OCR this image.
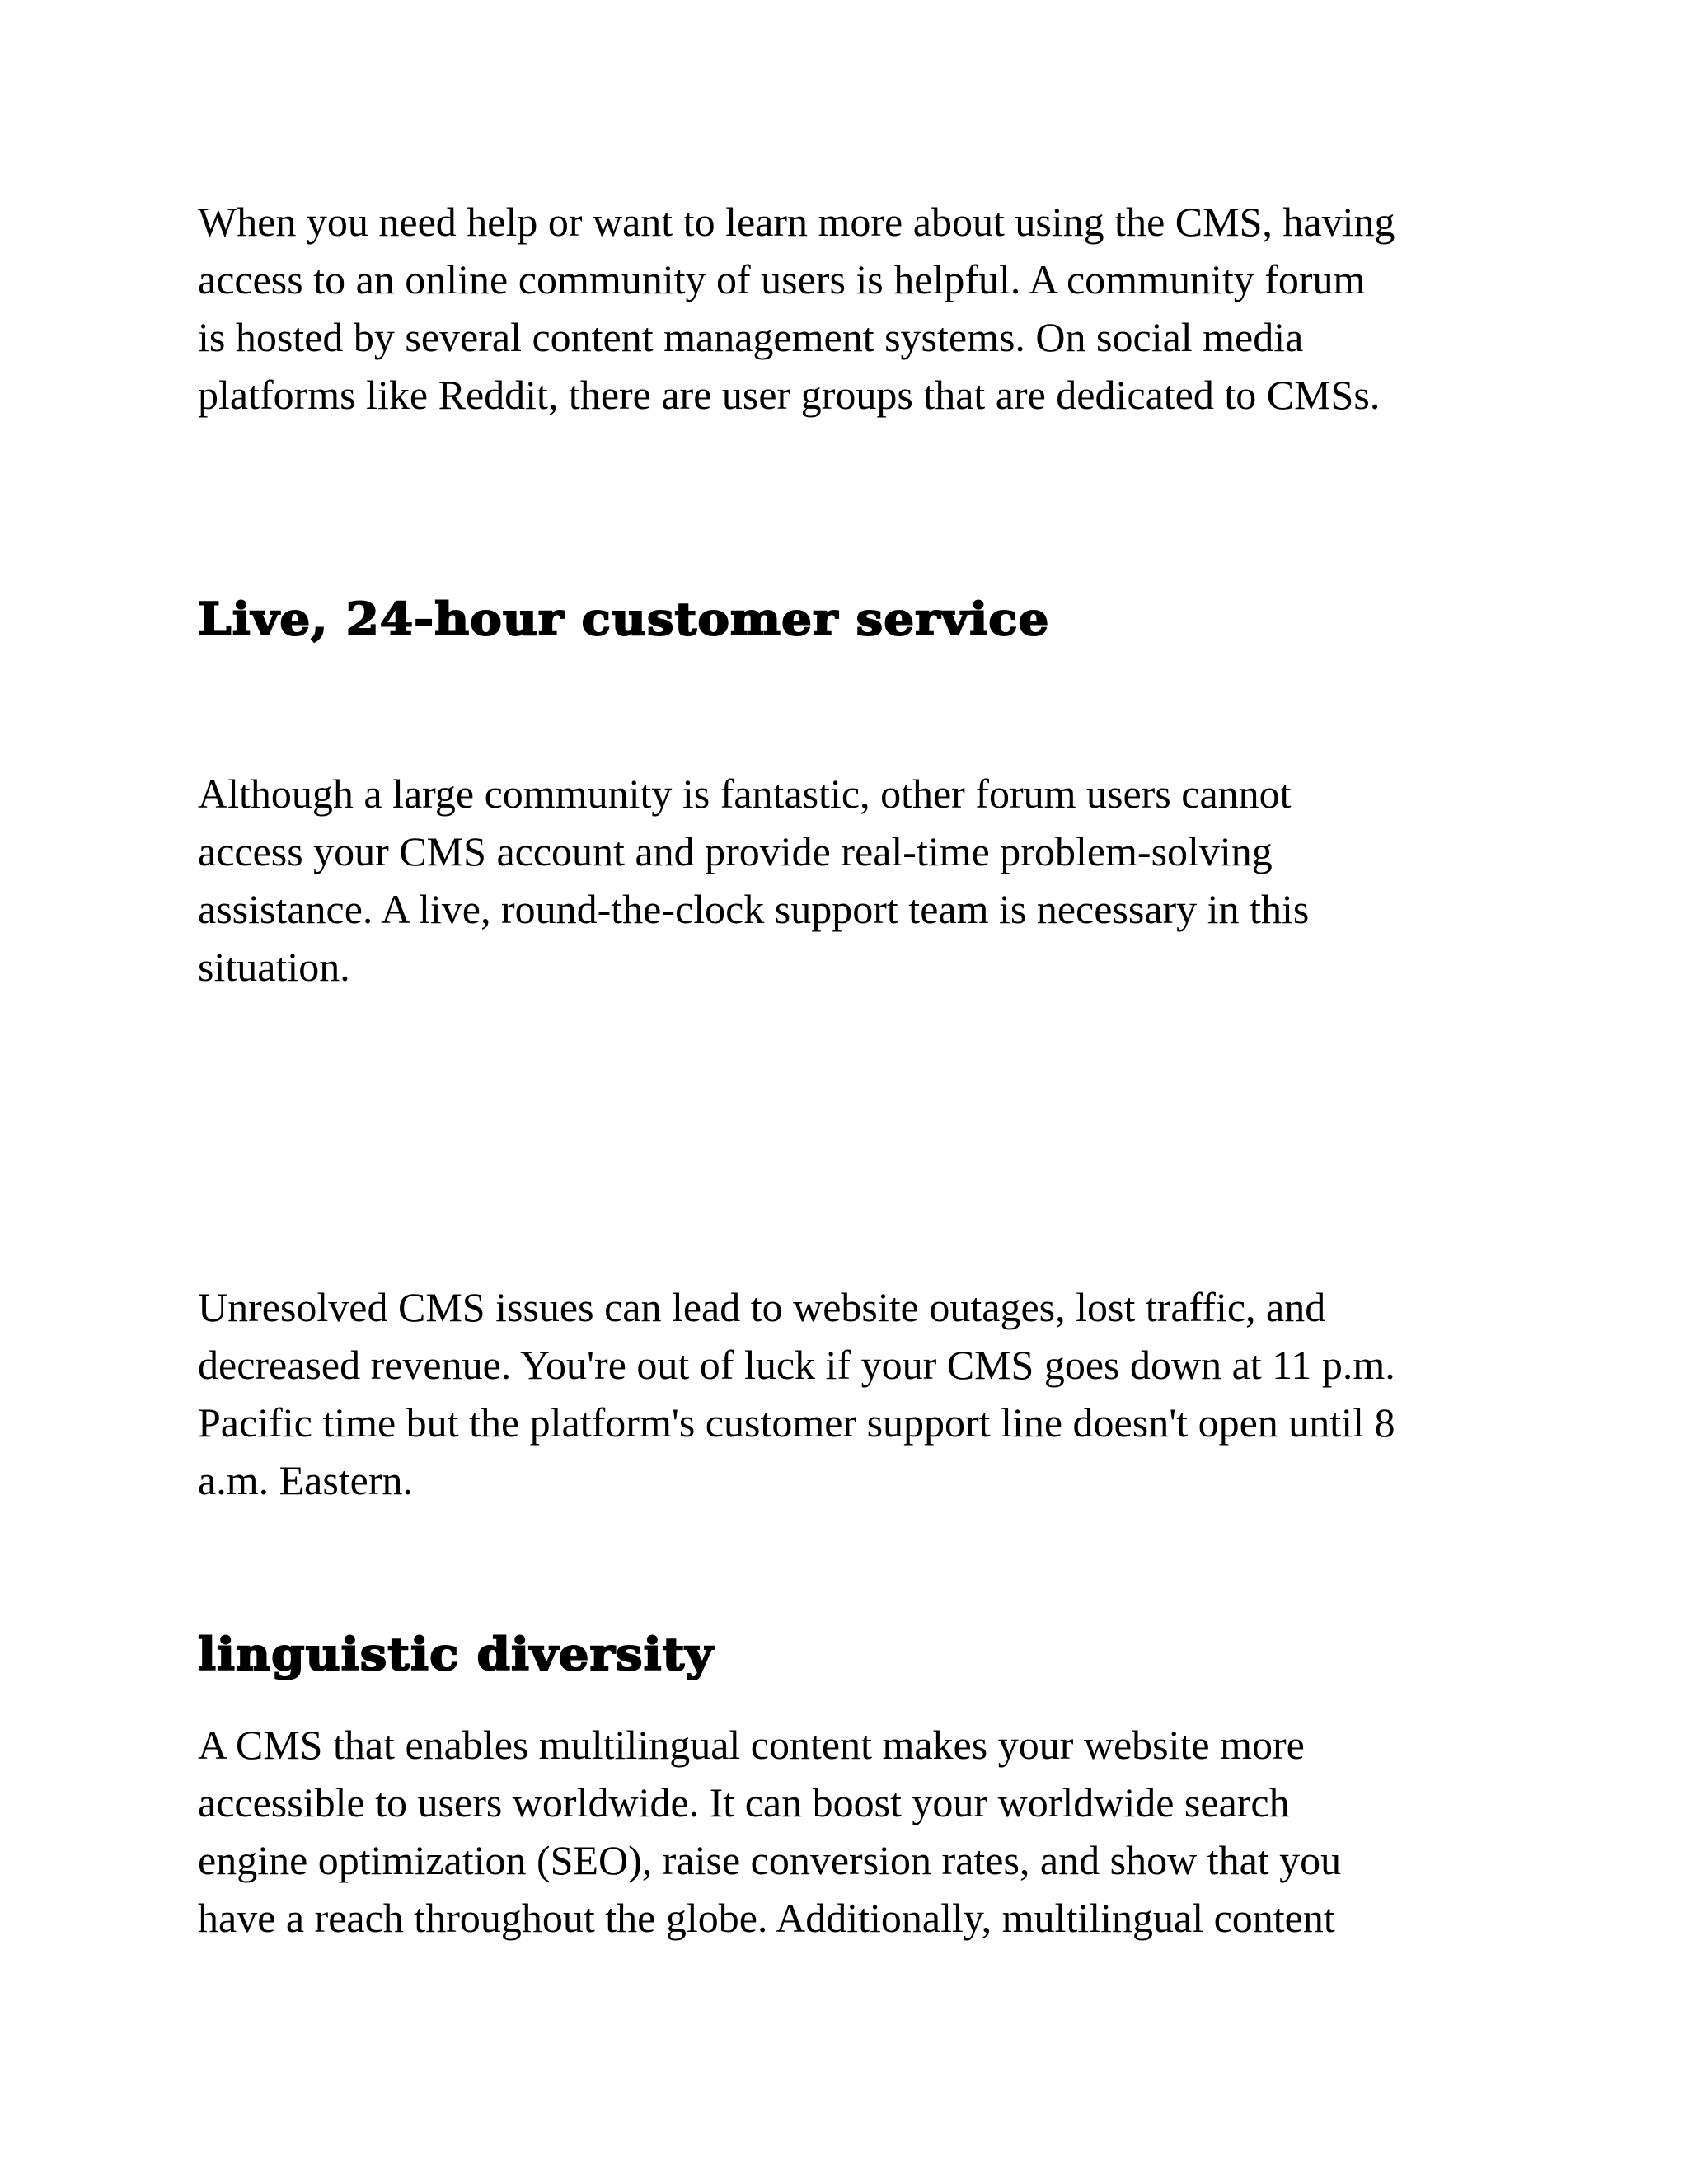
When you need help or want to learn more about using the CMS, having
access to an online community of users is helpful. A community forum
is hosted by several content management systems. On social media
platforms like Reddit, there are user groups that are dedicated to CMSs.

Live, 24-hour customer service

Although a large community is fantastic, other forum users cannot
access your CMS account and provide real-time problem-solving
assistance. A live, round-the-clock support team is necessary in this
situation.

Unresolved CMS issues can lead to website outages, lost traffic, and
decreased revenue. You're out of luck if your CMS goes down at 11 p.m.
Pacific time but the platform's customer support line doesn't open until 8
a.m. Eastern.

linguistic diversity

A CMS that enables multilingual content makes your website more
accessible to users worldwide. It can boost your worldwide search
engine optimization (SEO), raise conversion rates, and show that you
have a reach throughout the globe. Additionally, multilingual content
